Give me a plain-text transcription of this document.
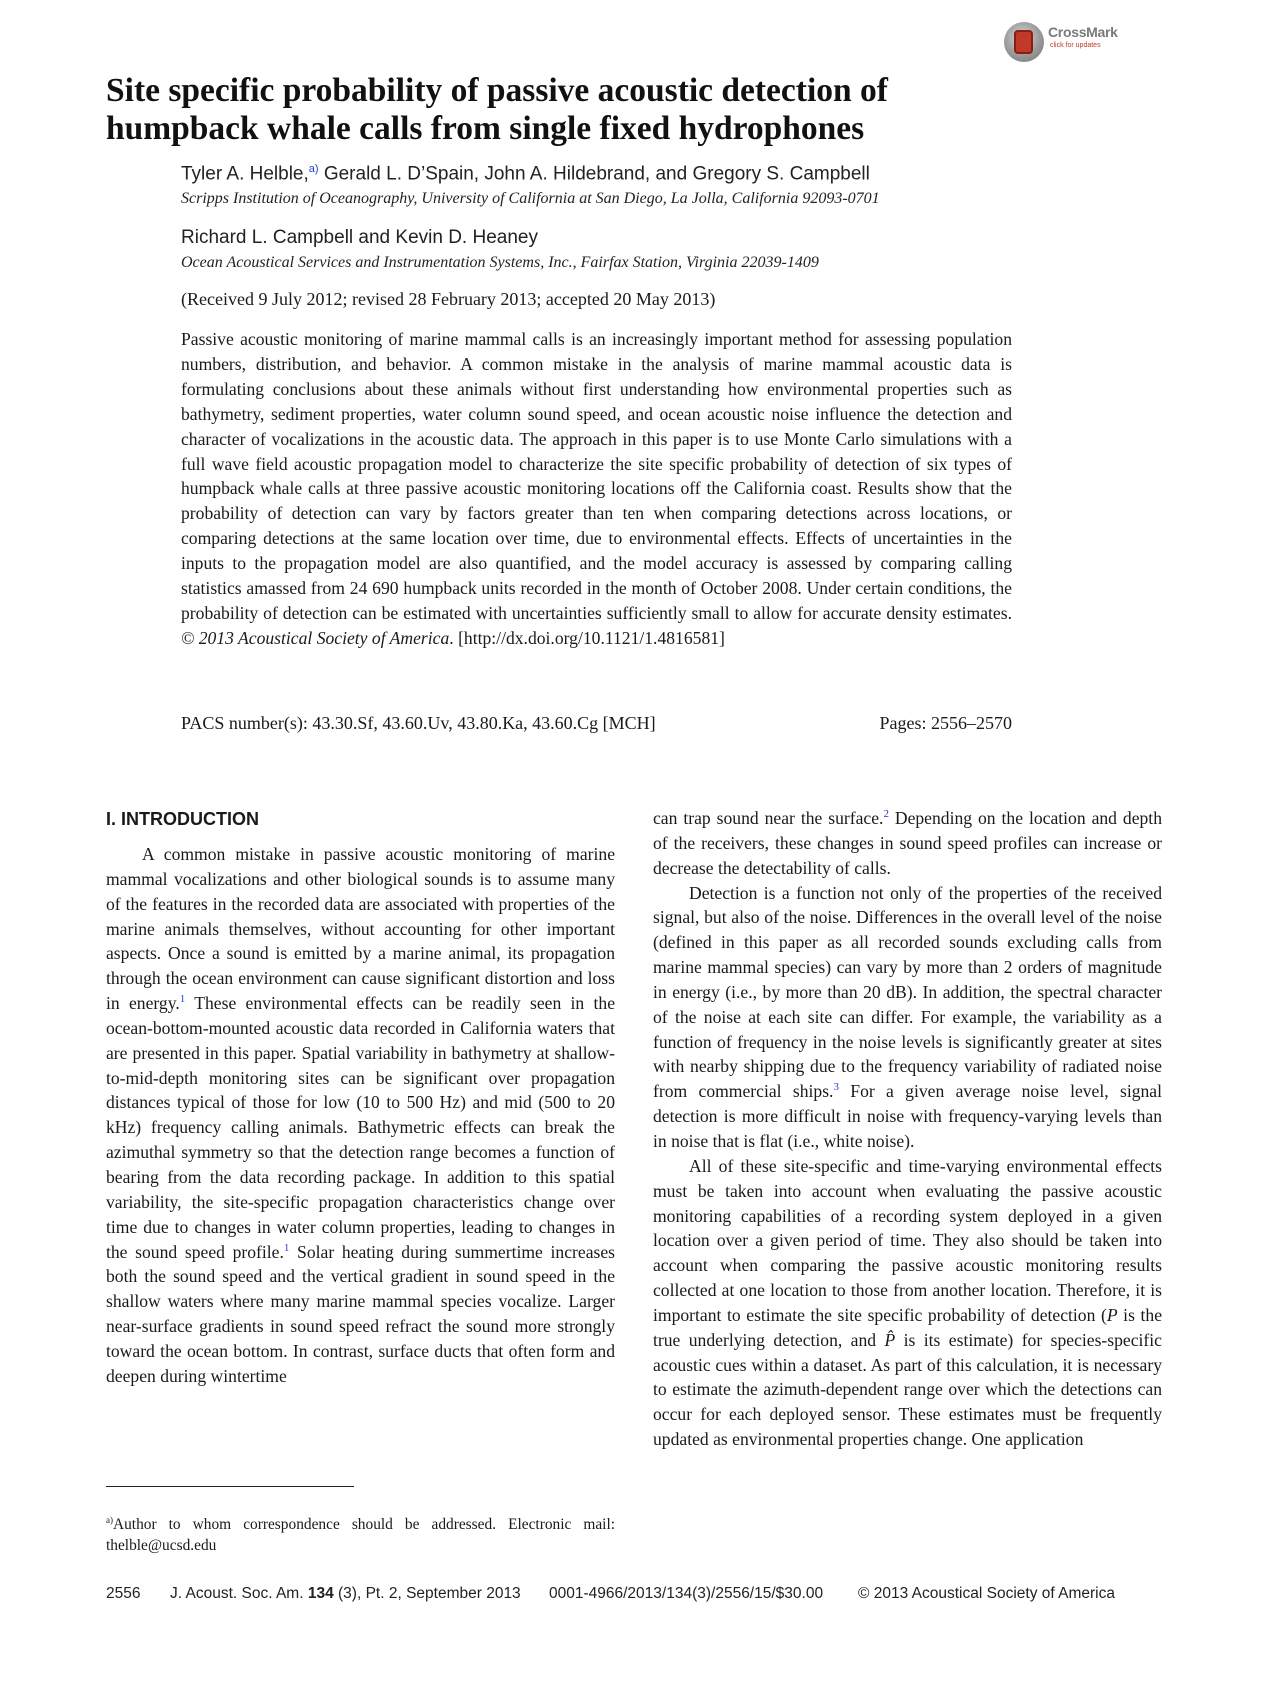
CrossMark
click for updates
Site specific probability of passive acoustic detection of
humpback whale calls from single fixed hydrophones
Tyler A. Helble,$^{a)}$ Gerald L. D’Spain, John A. Hildebrand, and Gregory S. Campbell
Scripps Institution of Oceanography, University of California at San Diego, La Jolla, California 92093-0701
Richard L. Campbell and Kevin D. Heaney
Ocean Acoustical Services and Instrumentation Systems, Inc., Fairfax Station, Virginia 22039-1409
(Received 9 July 2012; revised 28 February 2013; accepted 20 May 2013)
Passive acoustic monitoring of marine mammal calls is an increasingly important method for assessing population numbers, distribution, and behavior. A common mistake in the analysis of marine mammal acoustic data is formulating conclusions about these animals without first understanding how environmental properties such as bathymetry, sediment properties, water column sound speed, and ocean acoustic noise influence the detection and character of vocalizations in the acoustic data. The approach in this paper is to use Monte Carlo simulations with a full wave field acoustic propagation model to characterize the site specific probability of detection of six types of humpback whale calls at three passive acoustic monitoring locations off the California coast. Results show that the probability of detection can vary by factors greater than ten when comparing detections across locations, or comparing detections at the same location over time, due to environmental effects. Effects of uncertainties in the inputs to the propagation model are also quantified, and the model accuracy is assessed by comparing calling statistics amassed from 24 690 humpback units recorded in the month of October 2008. Under certain conditions, the probability of detection can be estimated with uncertainties sufficiently small to allow for accurate density estimates. © 2013 Acoustical Society of America. [http://dx.doi.org/10.1121/1.4816581]
PACS number(s): 43.30.Sf, 43.60.Uv, 43.80.Ka, 43.60.Cg [MCH]	Pages: 2556–2570
I. INTRODUCTION

A common mistake in passive acoustic monitoring of marine mammal vocalizations and other biological sounds is to assume many of the features in the recorded data are associated with properties of the marine animals themselves, without accounting for other important aspects. Once a sound is emitted by a marine animal, its propagation through the ocean environment can cause significant distortion and loss in energy.$^1$ These environmental effects can be readily seen in the ocean-bottom-mounted acoustic data recorded in California waters that are presented in this paper. Spatial variability in bathymetry at shallow-to-mid-depth monitoring sites can be significant over propagation distances typical of those for low (10 to 500 Hz) and mid (500 to 20 kHz) frequency calling animals. Bathymetric effects can break the azimuthal symmetry so that the detection range becomes a function of bearing from the data recording package. In addition to this spatial variability, the site-specific propagation characteristics change over time due to changes in water column properties, leading to changes in the sound speed profile.$^1$ Solar heating during summertime increases both the sound speed and the vertical gradient in sound speed in the shallow waters where many marine mammal species vocalize. Larger near-surface gradients in sound speed refract the sound more strongly toward the ocean bottom. In contrast, surface ducts that often form and deepen during wintertime

can trap sound near the surface.$^2$ Depending on the location and depth of the receivers, these changes in sound speed profiles can increase or decrease the detectability of calls.

Detection is a function not only of the properties of the received signal, but also of the noise. Differences in the overall level of the noise (defined in this paper as all recorded sounds excluding calls from marine mammal species) can vary by more than 2 orders of magnitude in energy (i.e., by more than 20 dB). In addition, the spectral character of the noise at each site can differ. For example, the variability as a function of frequency in the noise levels is significantly greater at sites with nearby shipping due to the frequency variability of radiated noise from commercial ships.$^3$ For a given average noise level, signal detection is more difficult in noise with frequency-varying levels than in noise that is flat (i.e., white noise).

All of these site-specific and time-varying environmental effects must be taken into account when evaluating the passive acoustic monitoring capabilities of a recording system deployed in a given location over a given period of time. They also should be taken into account when comparing the passive acoustic monitoring results collected at one location to those from another location. Therefore, it is important to estimate the site specific probability of detection (P is the true underlying detection, and P̂ is its estimate) for species-specific acoustic cues within a dataset. As part of this calculation, it is necessary to estimate the azimuth-dependent range over which the detections can occur for each deployed sensor. These estimates must be frequently updated as environmental properties change. One application

$^{a)}$Author to whom correspondence should be addressed. Electronic mail: thelble@ucsd.edu
2556 J. Acoust. Soc. Am. 134 (3), Pt. 2, September 2013 0001-4966/2013/134(3)/2556/15/$30.00 © 2013 Acoustical Society of America
